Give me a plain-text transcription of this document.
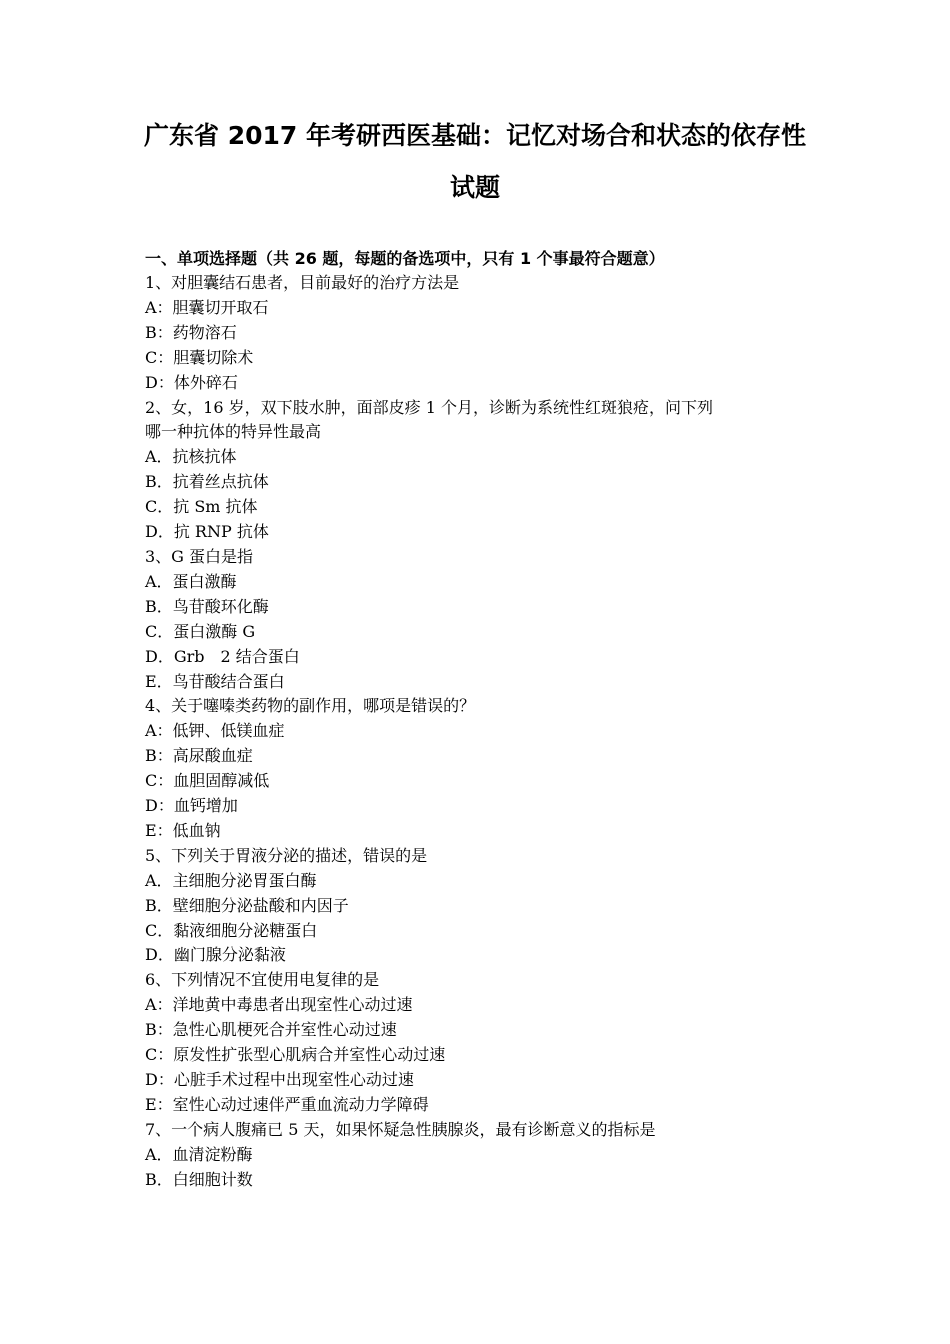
广东省 2017 年考研西医基础：记忆对场合和状态的依存性
试题
一、单项选择题（共 26 题，每题的备选项中，只有 1 个事最符合题意）
1、对胆囊结石患者，目前最好的治疗方法是
A：胆囊切开取石
B：药物溶石
C：胆囊切除术
D：体外碎石
2、女，16 岁，双下肢水肿，面部皮疹 1 个月，诊断为系统性红斑狼疮，问下列
哪一种抗体的特异性最高
A．抗核抗体
B．抗着丝点抗体
C．抗 Sm 抗体
D．抗 RNP 抗体
3、G 蛋白是指
A．蛋白激酶
B．鸟苷酸环化酶
C．蛋白激酶 G
D．Grb　2 结合蛋白
E．鸟苷酸结合蛋白
4、关于噻嗪类药物的副作用，哪项是错误的？
A：低钾、低镁血症
B：高尿酸血症
C：血胆固醇减低
D：血钙增加
E：低血钠
5、下列关于胃液分泌的描述，错误的是
A．主细胞分泌胃蛋白酶
B．壁细胞分泌盐酸和内因子
C．黏液细胞分泌糖蛋白
D．幽门腺分泌黏液
6、下列情况不宜使用电复律的是
A：洋地黄中毒患者出现室性心动过速
B：急性心肌梗死合并室性心动过速
C：原发性扩张型心肌病合并室性心动过速
D：心脏手术过程中出现室性心动过速
E：室性心动过速伴严重血流动力学障碍
7、一个病人腹痛已 5 天，如果怀疑急性胰腺炎，最有诊断意义的指标是
A．血清淀粉酶
B．白细胞计数
